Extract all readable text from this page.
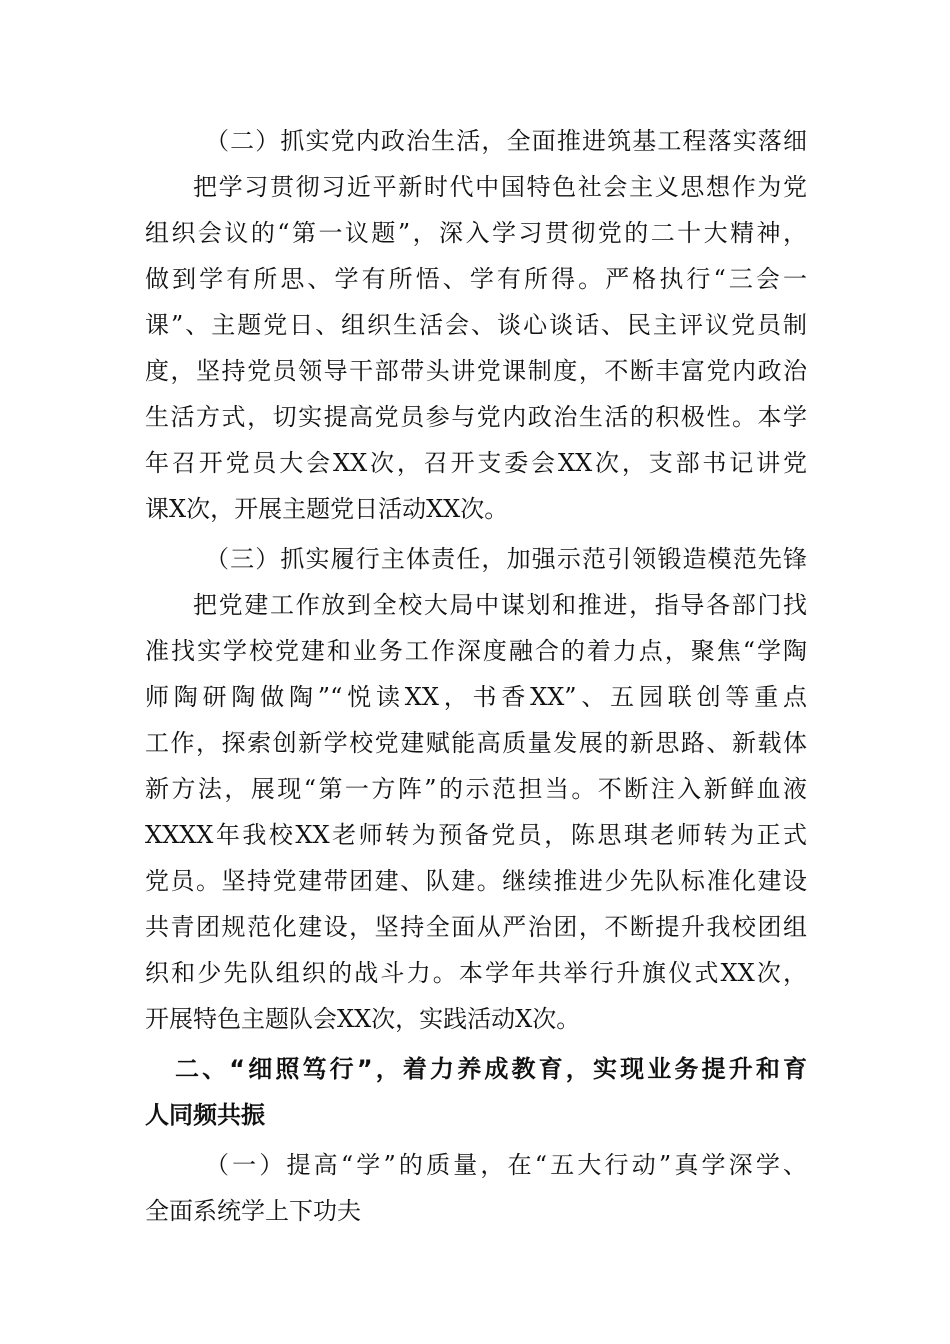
（二）抓实党内政治生活，全面推进筑基工程落实落细
把学习贯彻习近平新时代中国特色社会主义思想作为党
组织会议的“第一议题”，深入学习贯彻党的二十大精神，
做到学有所思、学有所悟、学有所得。严格执行“三会一
课”、主题党日、组织生活会、谈心谈话、民主评议党员制
度，坚持党员领导干部带头讲党课制度，不断丰富党内政治
生活方式，切实提高党员参与党内政治生活的积极性。本学
年召开党员大会XX次，召开支委会XX次，支部书记讲党
课X次，开展主题党日活动XX次。
（三）抓实履行主体责任，加强示范引领锻造模范先锋
把党建工作放到全校大局中谋划和推进，指导各部门找
准找实学校党建和业务工作深度融合的着力点，聚焦“学陶
师陶研陶做陶”“悦读XX，书香XX”、五园联创等重点
工作，探索创新学校党建赋能高质量发展的新思路、新载体
新方法，展现“第一方阵”的示范担当。不断注入新鲜血液
XXXX年我校XX老师转为预备党员，陈思琪老师转为正式
党员。坚持党建带团建、队建。继续推进少先队标准化建设
共青团规范化建设，坚持全面从严治团，不断提升我校团组
织和少先队组织的战斗力。本学年共举行升旗仪式XX次，
开展特色主题队会XX次，实践活动X次。
二、“细照笃行”，着力养成教育，实现业务提升和育
人同频共振
（一）提高“学”的质量，在“五大行动”真学深学、
全面系统学上下功夫
